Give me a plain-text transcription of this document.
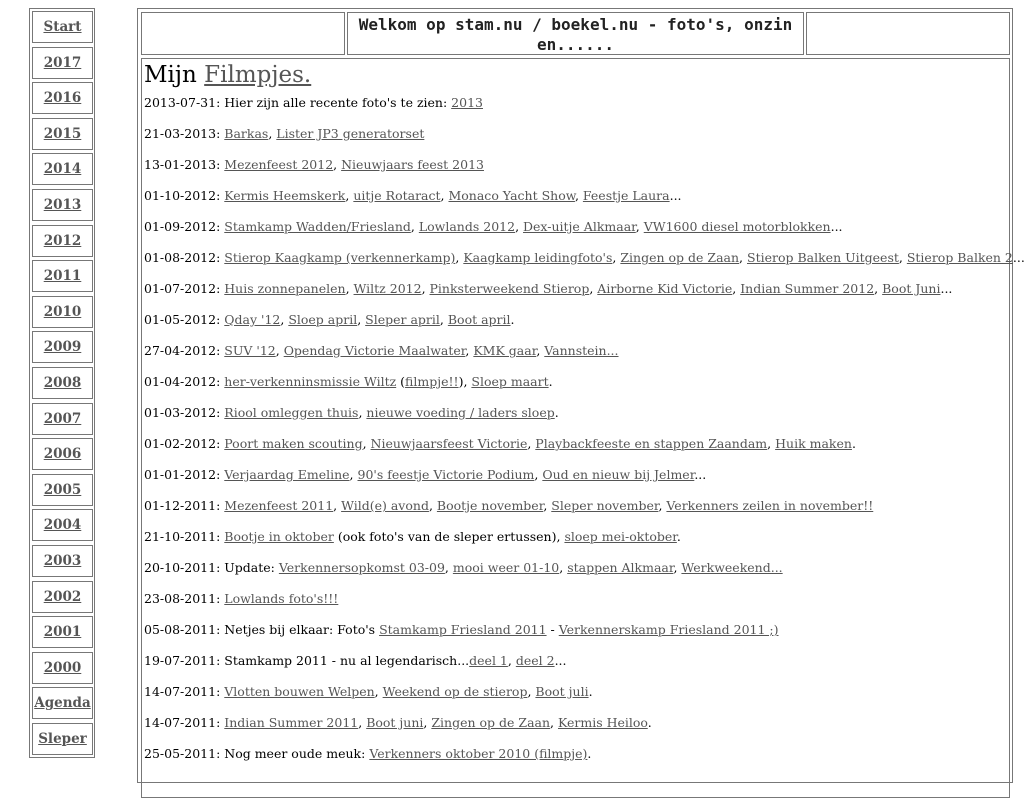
Start
2017
2016
2015
2014
2013
2012
2011
2010
2009
2008
2007
2006
2005
2004
2003
2002
2001
2000
Agenda
Sleper
Welkom op stam.nu / boekel.nu - foto's, onzin en......
Mijn Filmpjes.
2013-07-31: Hier zijn alle recente foto's te zien: 2013
21-03-2013: Barkas, Lister JP3 generatorset
13-01-2013: Mezenfeest 2012, Nieuwjaars feest 2013
01-10-2012: Kermis Heemskerk, uitje Rotaract, Monaco Yacht Show, Feestje Laura...
01-09-2012: Stamkamp Wadden/Friesland, Lowlands 2012, Dex-uitje Alkmaar, VW1600 diesel motorblokken...
01-08-2012: Stierop Kaagkamp (verkennerkamp), Kaagkamp leidingfoto's, Zingen op de Zaan, Stierop Balken Uitgeest, Stierop Balken 2...
01-07-2012: Huis zonnepanelen, Wiltz 2012, Pinksterweekend Stierop, Airborne Kid Victorie, Indian Summer 2012, Boot Juni...
01-05-2012: Qday '12, Sloep april, Sleper april, Boot april.
27-04-2012: SUV '12, Opendag Victorie Maalwater, KMK gaar, Vannstein...
01-04-2012: her-verkenninsmissie Wiltz (filmpje!!), Sloep maart.
01-03-2012: Riool omleggen thuis, nieuwe voeding / laders sloep.
01-02-2012: Poort maken scouting, Nieuwjaarsfeest Victorie, Playbackfeeste en stappen Zaandam, Huik maken.
01-01-2012: Verjaardag Emeline, 90's feestje Victorie Podium, Oud en nieuw bij Jelmer...
01-12-2011: Mezenfeest 2011, Wild(e) avond, Bootje november, Sleper november, Verkenners zeilen in november!!
21-10-2011: Bootje in oktober (ook foto's van de sleper ertussen), sloep mei-oktober.
20-10-2011: Update: Verkennersopkomst 03-09, mooi weer 01-10, stappen Alkmaar, Werkweekend...
23-08-2011: Lowlands foto's!!!
05-08-2011: Netjes bij elkaar: Foto's Stamkamp Friesland 2011 - Verkennerskamp Friesland 2011 ;)
19-07-2011: Stamkamp 2011 - nu al legendarisch...deel 1, deel 2...
14-07-2011: Vlotten bouwen Welpen, Weekend op de stierop, Boot juli.
14-07-2011: Indian Summer 2011, Boot juni, Zingen op de Zaan, Kermis Heiloo.
25-05-2011: Nog meer oude meuk: Verkenners oktober 2010 (filmpje).
